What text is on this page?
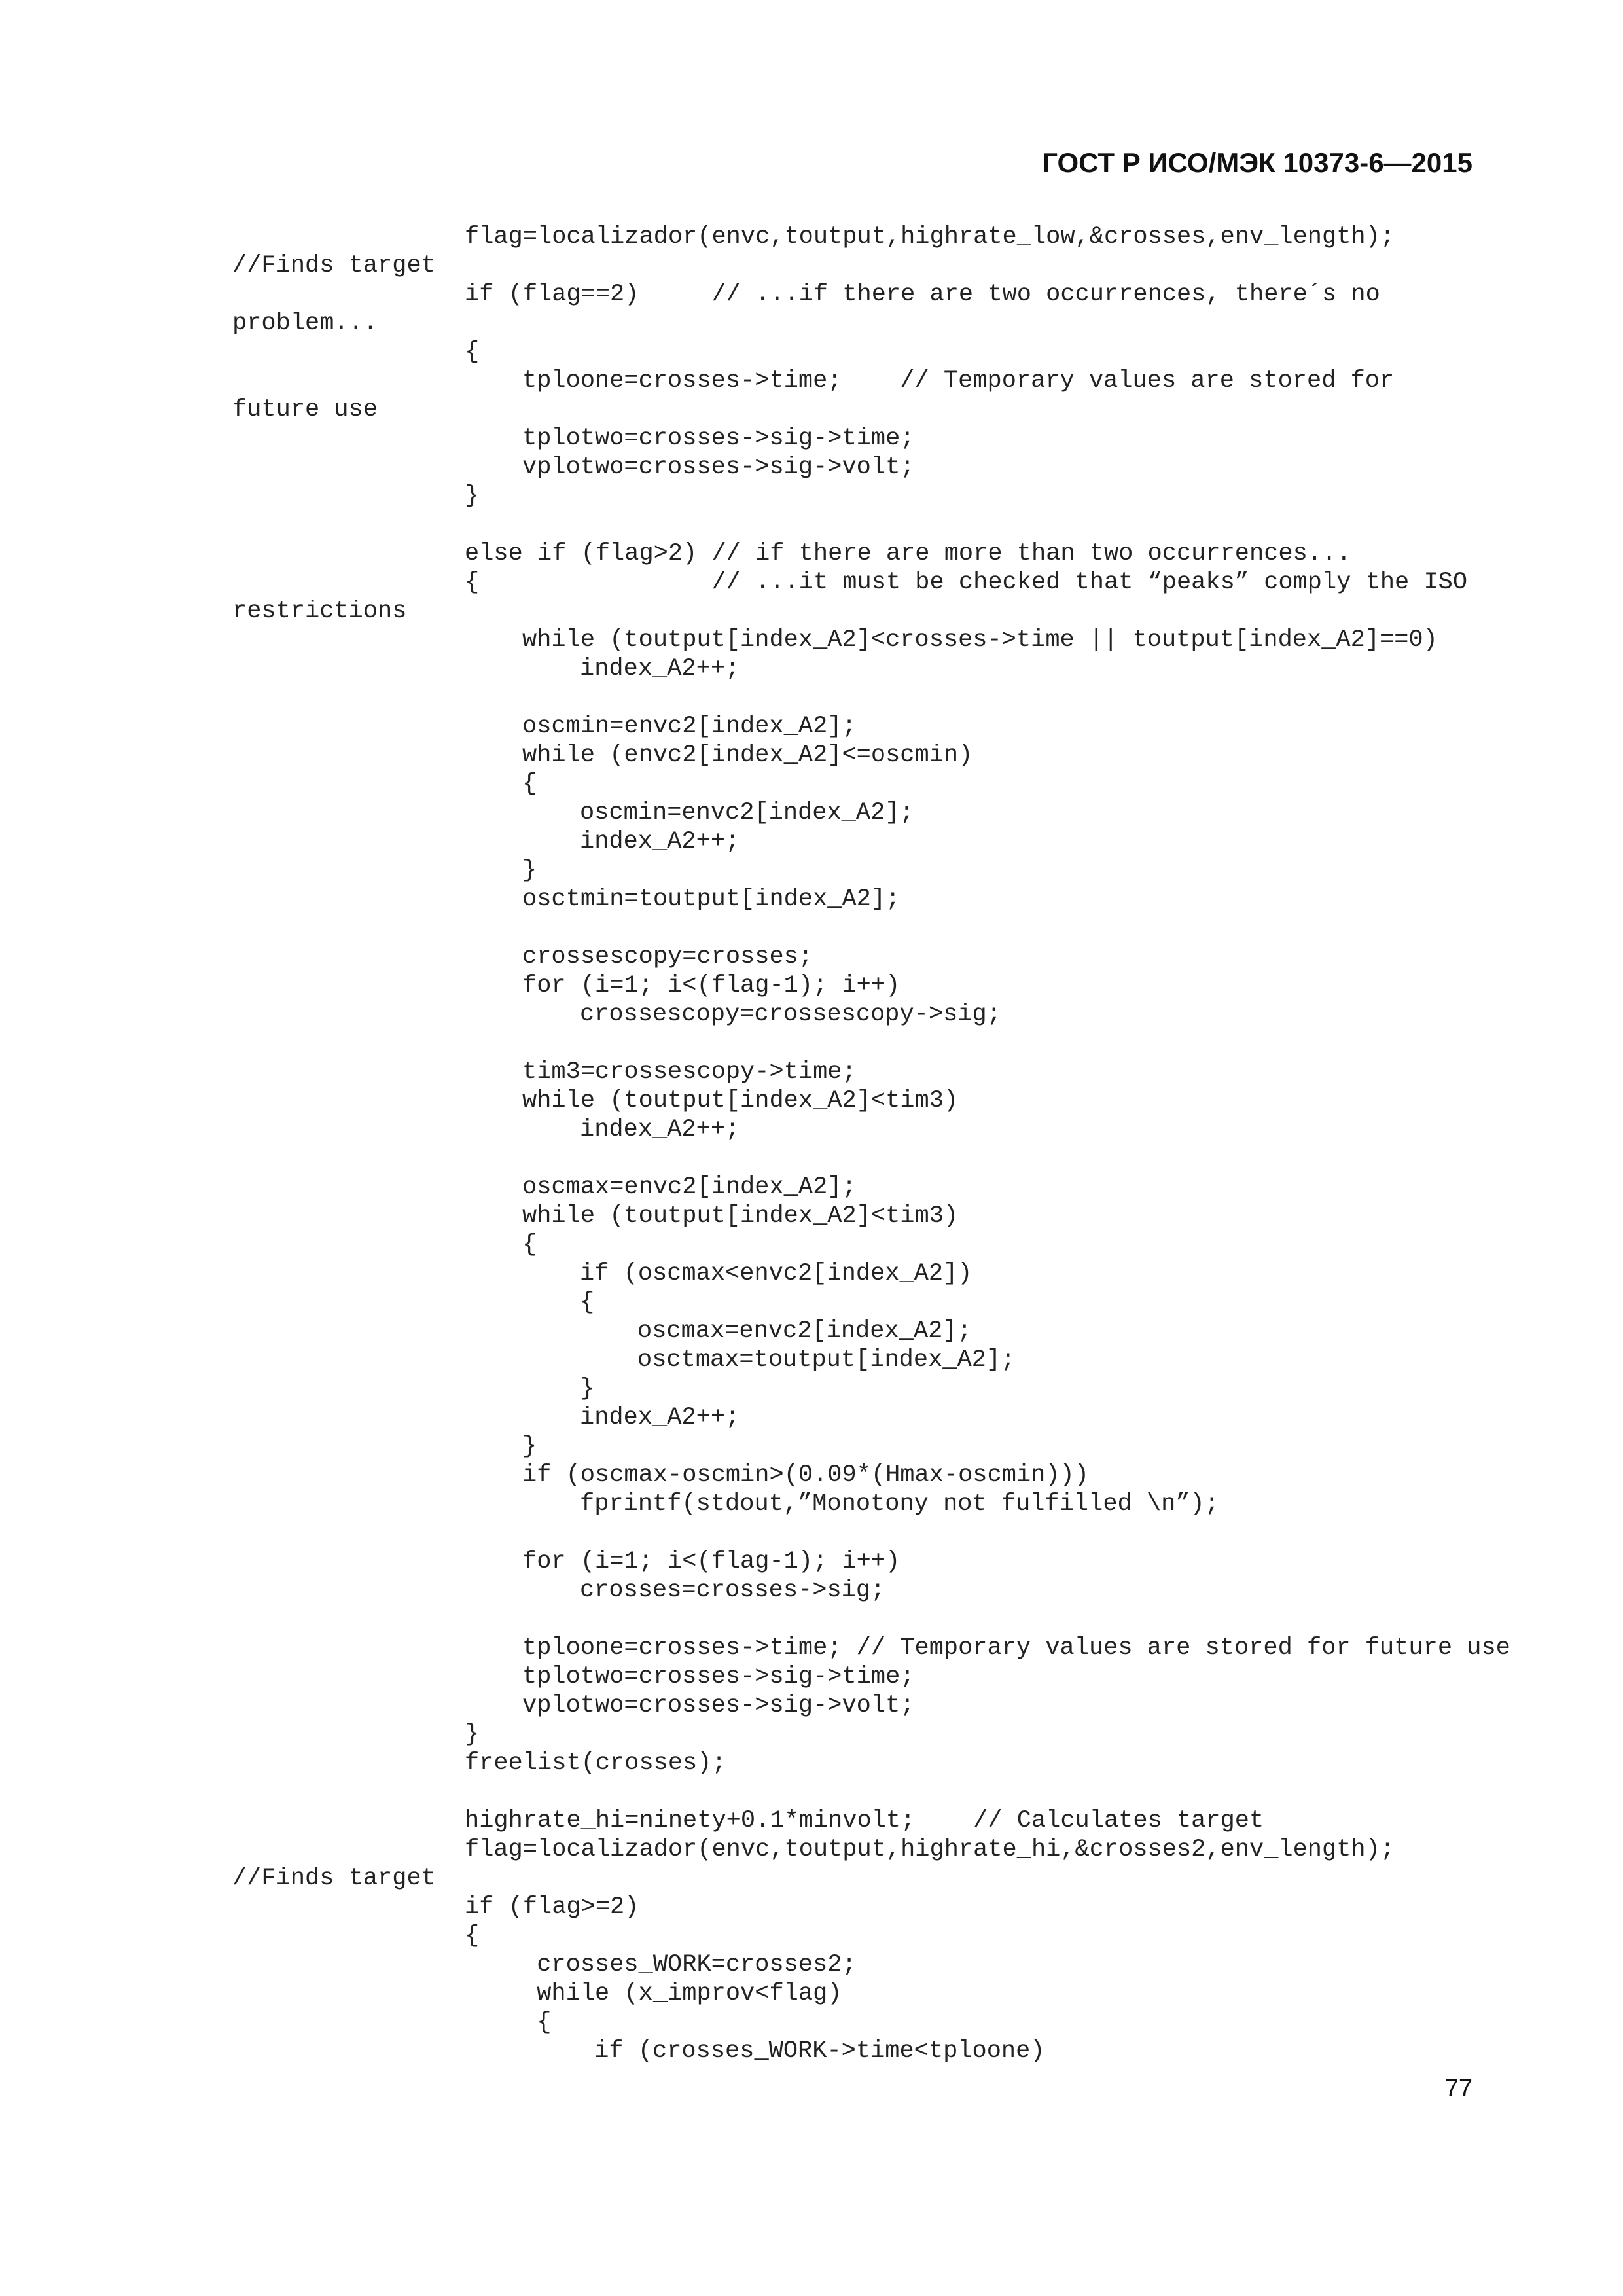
ГОСТ Р ИСО/МЭК 10373-6—2015
flag=localizador(envc,toutput,highrate_low,&crosses,env_length);
//Finds target
if (flag==2)     // ...if there are two occurrences, there´s no
problem...
{
tploone=crosses->time;    // Temporary values are stored for
future use
tplotwo=crosses->sig->time;
vplotwo=crosses->sig->volt;
}
else if (flag>2) // if there are more than two occurrences...
{                // ...it must be checked that “peaks” comply the ISO
restrictions
while (toutput[index_A2]<crosses->time || toutput[index_A2]==0)
index_A2++;
oscmin=envc2[index_A2];
while (envc2[index_A2]<=oscmin)
{
oscmin=envc2[index_A2];
index_A2++;
}
osctmin=toutput[index_A2];
crossescopy=crosses;
for (i=1; i<(flag-1); i++)
crossescopy=crossescopy->sig;
tim3=crossescopy->time;
while (toutput[index_A2]<tim3)
index_A2++;
oscmax=envc2[index_A2];
while (toutput[index_A2]<tim3)
{
if (oscmax<envc2[index_A2])
{
oscmax=envc2[index_A2];
osctmax=toutput[index_A2];
}
index_A2++;
}
if (oscmax-oscmin>(0.09*(Hmax-oscmin)))
fprintf(stdout,”Monotony not fulfilled \n”);
for (i=1; i<(flag-1); i++)
crosses=crosses->sig;
tploone=crosses->time; // Temporary values are stored for future use
tplotwo=crosses->sig->time;
vplotwo=crosses->sig->volt;
}
freelist(crosses);
highrate_hi=ninety+0.1*minvolt;    // Calculates target
flag=localizador(envc,toutput,highrate_hi,&crosses2,env_length);
//Finds target
if (flag>=2)
{
crosses_WORK=crosses2;
while (x_improv<flag)
{
if (crosses_WORK->time<tploone)
77
